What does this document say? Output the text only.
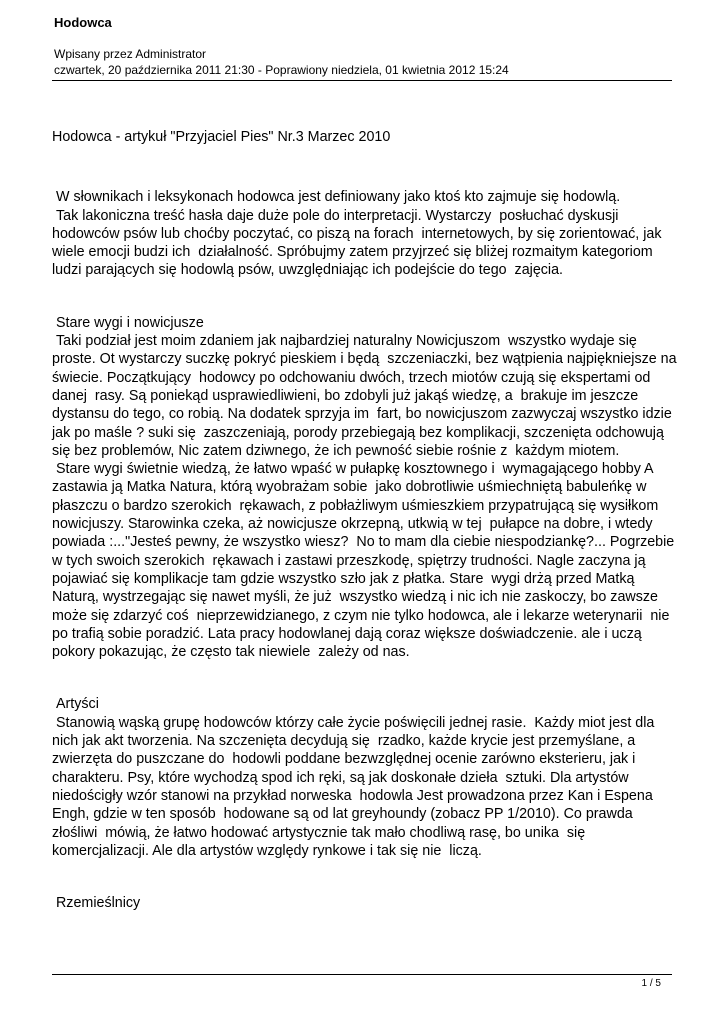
Hodowca
Wpisany przez Administrator
czwartek, 20 października 2011 21:30 - Poprawiony niedziela, 01 kwietnia 2012 15:24

Hodowca - artykuł "Przyjaciel Pies" Nr.3 Marzec 2010

W słownikach i leksykonach hodowca jest definiowany jako ktoś kto zajmuje się hodowlą.
Tak lakoniczna treść hasła daje duże pole do interpretacji. Wystarczy  posłuchać dyskusji hodowców psów lub choćby poczytać, co piszą na forach  internetowych, by się zorientować, jak wiele emocji budzi ich  działalność. Spróbujmy zatem przyjrzeć się bliżej rozmaitym kategoriom  ludzi parających się hodowlą psów, uwzględniając ich podejście do tego  zajęcia.

Stare wygi i nowicjusze

Taki podział jest moim zdaniem jak najbardziej naturalny Nowicjuszom  wszystko wydaje się proste. Ot wystarczy suczkę pokryć pieskiem i będą  szczeniaczki, bez wątpienia najpiękniejsze na świecie. Początkujący  hodowcy po odchowaniu dwóch, trzech miotów czują się ekspertami od danej  rasy. Są poniekąd usprawiedliwieni, bo zdobyli już jakąś wiedzę, a  brakuje im jeszcze dystansu do tego, co robią. Na dodatek sprzyja im  fart, bo nowicjuszom zazwyczaj wszystko idzie jak po maśle ? suki się  zaszczeniają, porody przebiegają bez komplikacji, szczenięta odchowują  się bez problemów, Nic zatem dziwnego, że ich pewność siebie rośnie z  każdym miotem.
Stare wygi świetnie wiedzą, że łatwo wpaść w pułapkę kosztownego i  wymagającego hobby A zastawia ją Matka Natura, którą wyobrażam sobie  jako dobrotliwie uśmiechniętą babuleńkę w płaszczu o bardzo szerokich  rękawach, z pobłażliwym uśmieszkiem przypatrującą się wysiłkom  nowicjuszy. Starowinka czeka, aż nowicjusze okrzepną, utkwią w tej  pułapce na dobre, i wtedy powiada :..."Jesteś pewny, że wszystko wiesz?  No to mam dla ciebie niespodziankę?... Pogrzebie w tych swoich szerokich  rękawach i zastawi przeszkodę, spiętrzy trudności. Nagle zaczyna ją  pojawiać się komplikacje tam gdzie wszystko szło jak z płatka. Stare  wygi drżą przed Matką Naturą, wystrzegając się nawet myśli, że już  wszystko wiedzą i nic ich nie zaskoczy, bo zawsze może się zdarzyć coś  nieprzewidzianego, z czym nie tylko hodowca, ale i lekarze weterynarii  nie po trafią sobie poradzić. Lata pracy hodowlanej dają coraz większe doświadczenie. ale i uczą pokory pokazując, że często tak niewiele  zależy od nas.

Artyści

Stanowią wąską grupę hodowców którzy całe życie poświęcili jednej rasie.  Każdy miot jest dla nich jak akt tworzenia. Na szczenięta decydują się  rzadko, każde krycie jest przemyślane, a zwierzęta do puszczane do  hodowli poddane bezwzględnej ocenie zarówno eksterieru, jak i charakteru. Psy, które wychodzą spod ich ręki, są jak doskonałe dzieła  sztuki. Dla artystów niedościgły wzór stanowi na przykład norweska  hodowla Jest prowadzona przez Kan i Espena Engh, gdzie w ten sposób  hodowane są od lat greyhoundy (zobacz PP 1/2010). Co prawda złośliwi  mówią, że łatwo hodować artystycznie tak mało chodliwą rasę, bo unika  się komercjalizacji. Ale dla artystów względy rynkowe i tak się nie  liczą.

Rzemieślnicy

1 / 5
